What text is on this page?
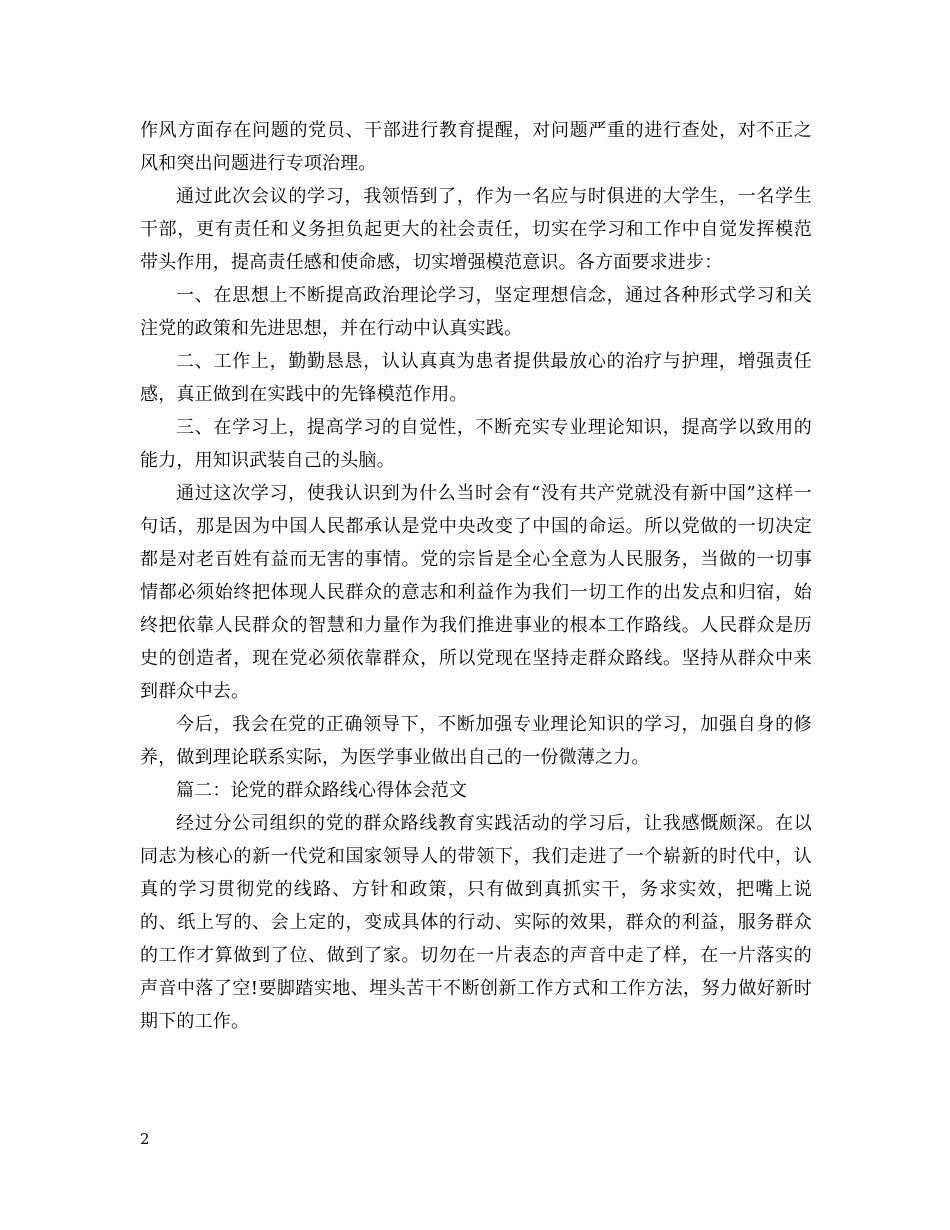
作风方面存在问题的党员、干部进行教育提醒，对问题严重的进行查处，对不正之风和突出问题进行专项治理。

通过此次会议的学习，我领悟到了，作为一名应与时俱进的大学生，一名学生干部，更有责任和义务担负起更大的社会责任，切实在学习和工作中自觉发挥模范带头作用，提高责任感和使命感，切实增强模范意识。各方面要求进步：

一、在思想上不断提高政治理论学习，坚定理想信念，通过各种形式学习和关注党的政策和先进思想，并在行动中认真实践。

二、工作上，勤勤恳恳，认认真真为患者提供最放心的治疗与护理，增强责任感，真正做到在实践中的先锋模范作用。

三、在学习上，提高学习的自觉性，不断充实专业理论知识，提高学以致用的能力，用知识武装自己的头脑。

通过这次学习，使我认识到为什么当时会有“没有共产党就没有新中国”这样一句话，那是因为中国人民都承认是党中央改变了中国的命运。所以党做的一切决定都是对老百姓有益而无害的事情。党的宗旨是全心全意为人民服务，当做的一切事情都必须始终把体现人民群众的意志和利益作为我们一切工作的出发点和归宿，始终把依靠人民群众的智慧和力量作为我们推进事业的根本工作路线。人民群众是历史的创造者，现在党必须依靠群众，所以党现在坚持走群众路线。坚持从群众中来到群众中去。

今后，我会在党的正确领导下，不断加强专业理论知识的学习，加强自身的修养，做到理论联系实际，为医学事业做出自己的一份微薄之力。

篇二：论党的群众路线心得体会范文

经过分公司组织的党的群众路线教育实践活动的学习后，让我感慨颇深。在以同志为核心的新一代党和国家领导人的带领下，我们走进了一个崭新的时代中，认真的学习贯彻党的线路、方针和政策，只有做到真抓实干，务求实效，把嘴上说的、纸上写的、会上定的，变成具体的行动、实际的效果，群众的利益，服务群众的工作才算做到了位、做到了家。切勿在一片表态的声音中走了样，在一片落实的声音中落了空!要脚踏实地、埋头苦干不断创新工作方式和工作方法，努力做好新时期下的工作。

2
